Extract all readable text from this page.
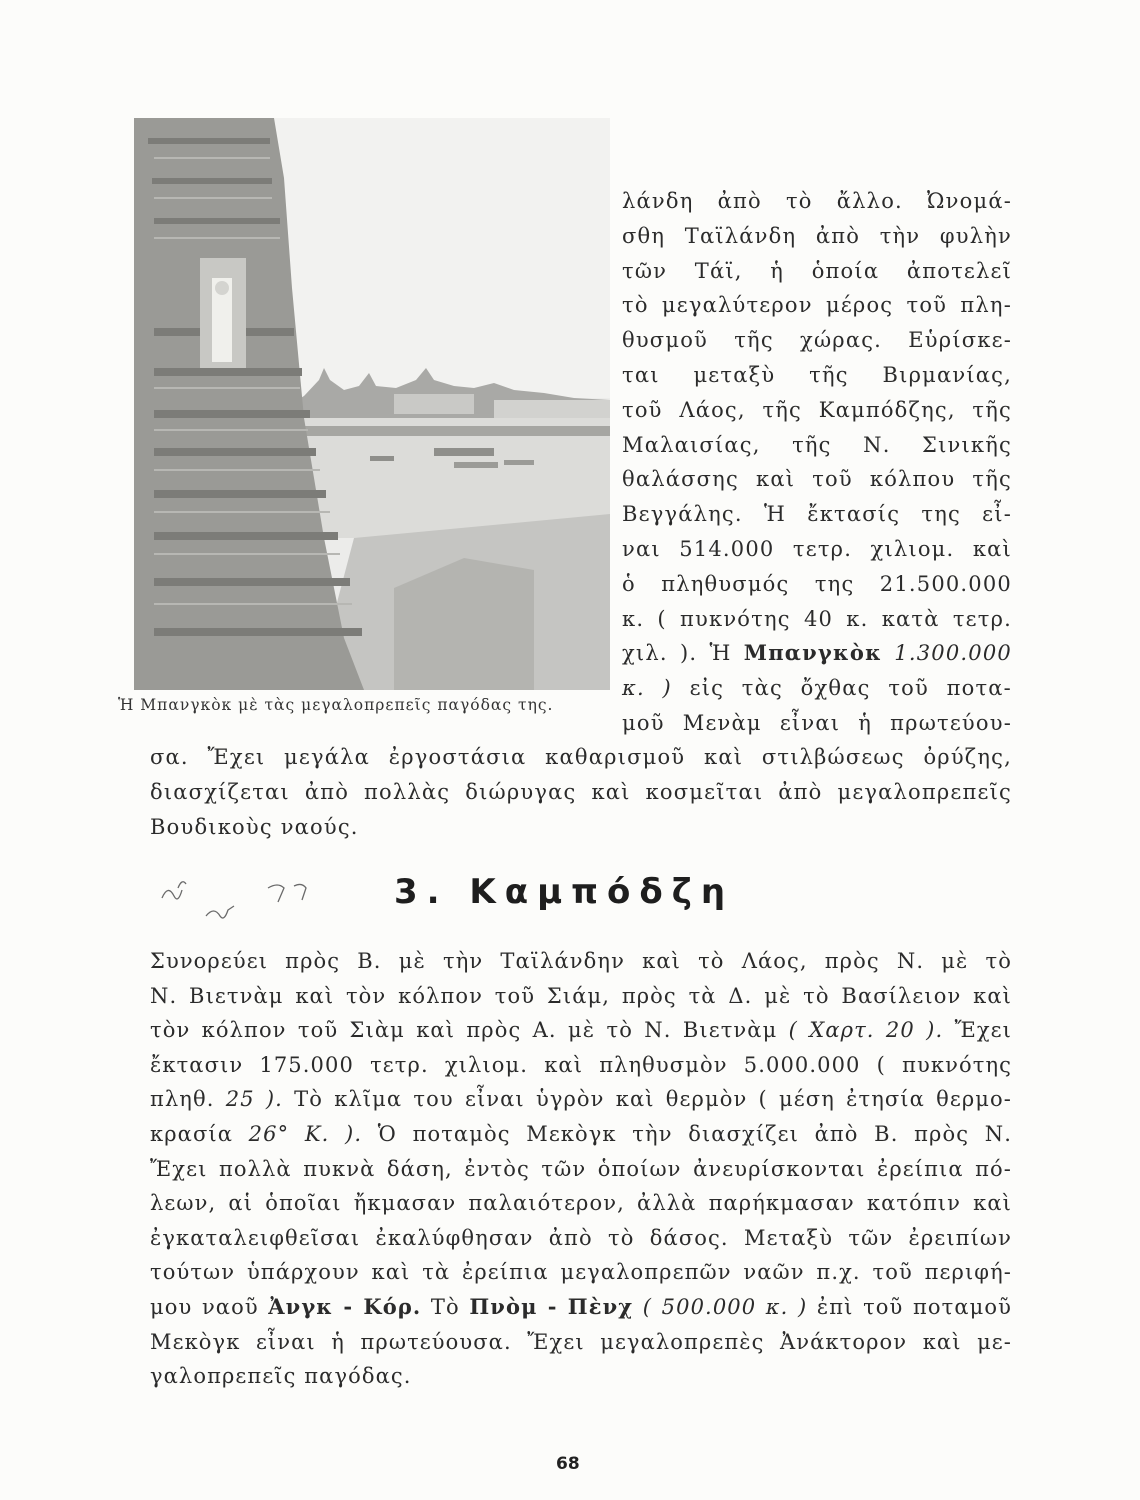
Ἡ Μπανγκὸκ μὲ τὰς μεγαλοπρεπεῖς παγόδας της.
λάνδη ἀπὸ τὸ ἄλλο. Ὠνομά-
σθη Ταϊλάνδη ἀπὸ τὴν φυλὴν
τῶν Τάϊ, ἡ ὁποία ἀποτελεῖ
τὸ μεγαλύτερον μέρος τοῦ πλη-
θυσμοῦ τῆς χώρας. Εὑρίσκε-
ται μεταξὺ τῆς Βιρμανίας,
τοῦ Λάος, τῆς Καμπόδζης, τῆς
Μαλαισίας, τῆς Ν. Σινικῆς
θαλάσσης καὶ τοῦ κόλπου τῆς
Βεγγάλης. Ἡ ἔκτασίς της εἶ-
ναι 514.000 τετρ. χιλιομ. καὶ
ὁ πληθυσμός της 21.500.000
κ. ( πυκνότης 40 κ. κατὰ τετρ.
χιλ. ). Ἡ Μπανγκὸκ 1.300.000
κ. ) εἰς τὰς ὄχθας τοῦ ποτα-
μοῦ Μενὰμ εἶναι ἡ πρωτεύου-
σα. Ἔχει μεγάλα ἐργοστάσια καθαρισμοῦ καὶ στιλβώσεως ὀρύζης,
διασχίζεται ἀπὸ πολλὰς διώρυγας καὶ κοσμεῖται ἀπὸ μεγαλοπρεπεῖς
Βουδικοὺς ναούς.
3. Καμπόδζη
Συνορεύει πρὸς Β. μὲ τὴν Ταϊλάνδην καὶ τὸ Λάος, πρὸς Ν. μὲ τὸ
Ν. Βιετνὰμ καὶ τὸν κόλπον τοῦ Σιάμ, πρὸς τὰ Δ. μὲ τὸ Βασίλειον καὶ
τὸν κόλπον τοῦ Σιὰμ καὶ πρὸς Α. μὲ τὸ Ν. Βιετνὰμ ( Χαρτ. 20 ). Ἔχει
ἔκτασιν 175.000 τετρ. χιλιομ. καὶ πληθυσμὸν 5.000.000 ( πυκνότης
πληθ. 25 ). Τὸ κλῖμα του εἶναι ὑγρὸν καὶ θερμὸν ( μέση ἐτησία θερμο-
κρασία 26° Κ. ). Ὁ ποταμὸς Μεκὸγκ τὴν διασχίζει ἀπὸ Β. πρὸς Ν.
Ἔχει πολλὰ πυκνὰ δάση, ἐντὸς τῶν ὁποίων ἀνευρίσκονται ἐρείπια πό-
λεων, αἱ ὁποῖαι ἤκμασαν παλαιότερον, ἀλλὰ παρήκμασαν κατόπιν καὶ
ἐγκαταλειφθεῖσαι ἐκαλύφθησαν ἀπὸ τὸ δάσος. Μεταξὺ τῶν ἐρειπίων
τούτων ὑπάρχουν καὶ τὰ ἐρείπια μεγαλοπρεπῶν ναῶν π.χ. τοῦ περιφή-
μου ναοῦ Ἀνγκ - Κόρ. Τὸ Πνὸμ - Πὲνχ ( 500.000 κ. ) ἐπὶ τοῦ ποταμοῦ
Μεκὸγκ εἶναι ἡ πρωτεύουσα. Ἔχει μεγαλοπρεπὲς Ἀνάκτορον καὶ με-
γαλοπρεπεῖς παγόδας.
68
